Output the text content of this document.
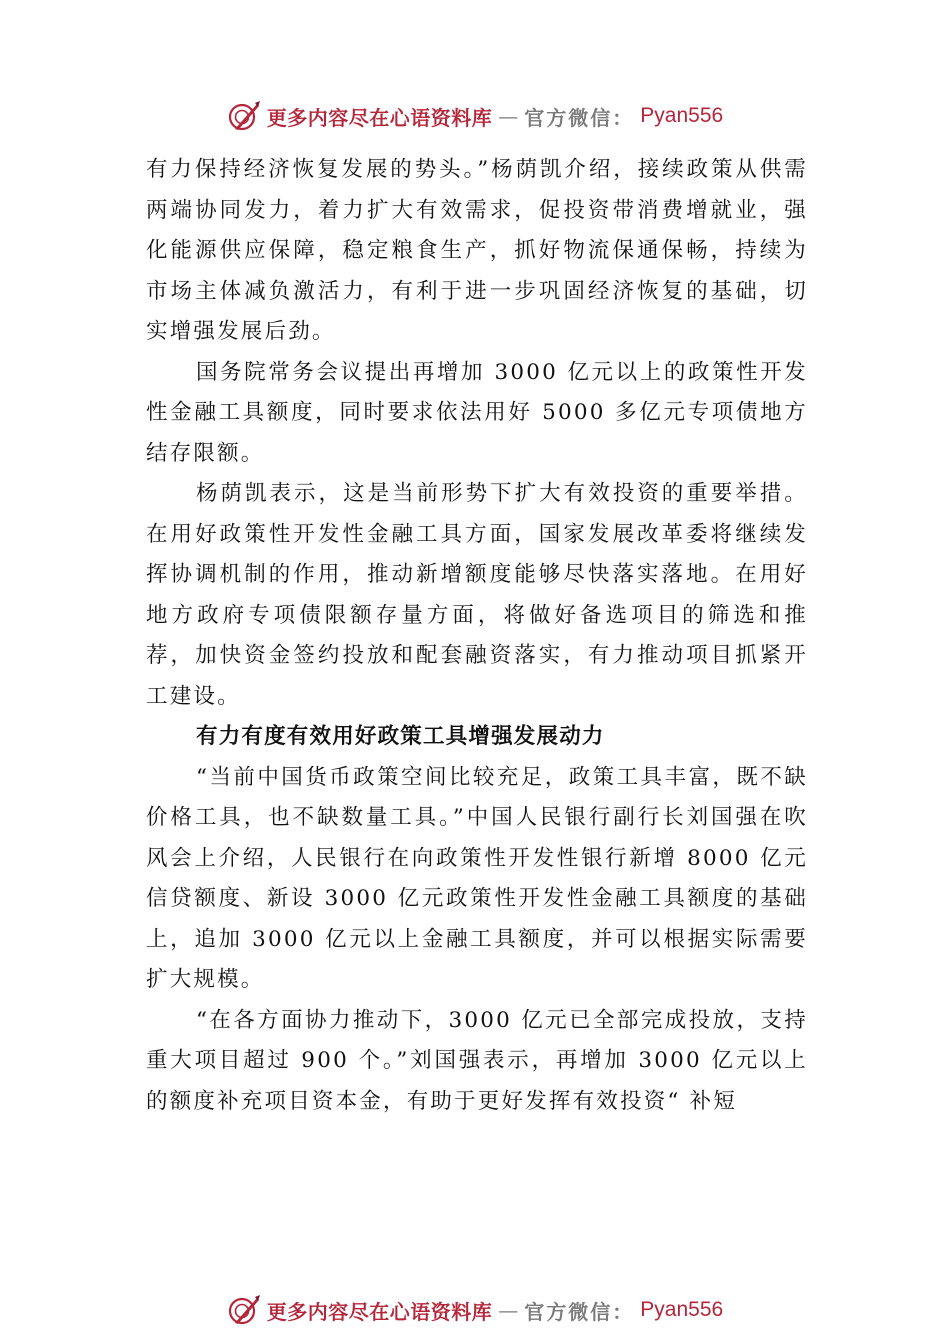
更多内容尽在心语资料库 — 官方微信： Pyan556

有力保持经济恢复发展的势头。”杨荫凯介绍，接续政策从供需两端协同发力，着力扩大有效需求，促投资带消费增就业，强化能源供应保障，稳定粮食生产，抓好物流保通保畅，持续为市场主体减负激活力，有利于进一步巩固经济恢复的基础，切实增强发展后劲。

国务院常务会议提出再增加 3000 亿元以上的政策性开发性金融工具额度，同时要求依法用好 5000 多亿元专项债地方结存限额。

杨荫凯表示，这是当前形势下扩大有效投资的重要举措。在用好政策性开发性金融工具方面，国家发展改革委将继续发挥协调机制的作用，推动新增额度能够尽快落实落地。在用好地方政府专项债限额存量方面，将做好备选项目的筛选和推荐，加快资金签约投放和配套融资落实，有力推动项目抓紧开工建设。

有力有度有效用好政策工具增强发展动力

“当前中国货币政策空间比较充足，政策工具丰富，既不缺价格工具，也不缺数量工具。”中国人民银行副行长刘国强在吹风会上介绍，人民银行在向政策性开发性银行新增 8000 亿元信贷额度、新设 3000 亿元政策性开发性金融工具额度的基础上，追加 3000 亿元以上金融工具额度，并可以根据实际需要扩大规模。

“在各方面协力推动下，3000 亿元已全部完成投放，支持重大项目超过 900 个。”刘国强表示，再增加 3000 亿元以上的额度补充项目资本金，有助于更好发挥有效投资“ 补短

更多内容尽在心语资料库 — 官方微信： Pyan556
